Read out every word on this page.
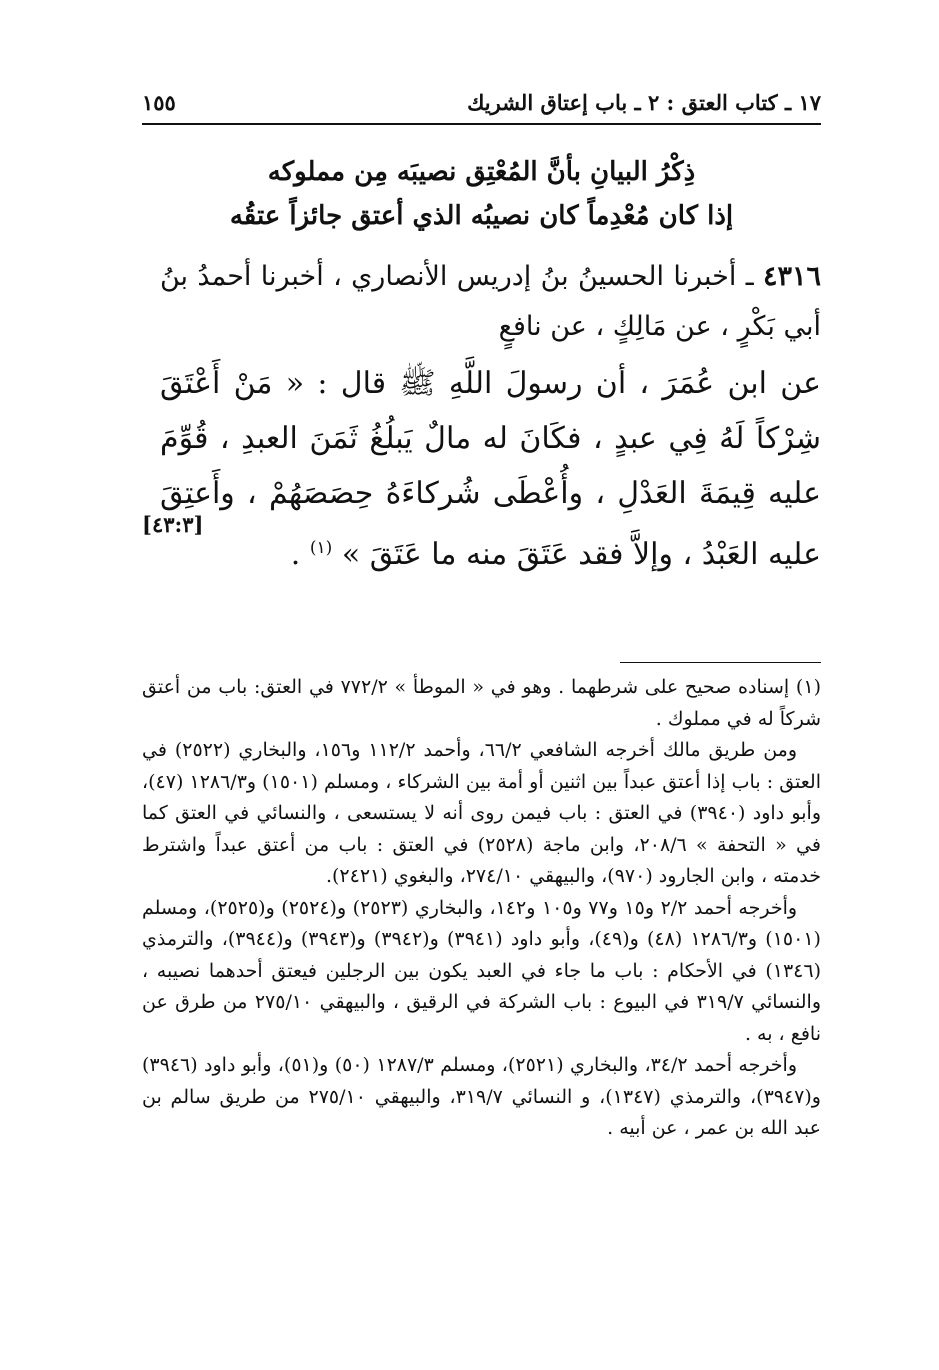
١٧ ـ كتاب العتق : ٢ ـ باب إعتاق الشريك
١٥٥
ذِكْرُ البيانِ بأنَّ المُعْتِق نصيبَه مِن مملوكه
إذا كان مُعْدِماً كان نصيبُه الذي أعتق جائزاً عتقُه
٤٣١٦ ـ أخبرنا الحسينُ بنُ إدريس الأنصاري ، أخبرنا أحمدُ بنُ أبي بَكْرٍ ، عن مَالِكٍ ، عن نافعٍ
عن ابن عُمَرَ ، أن رسولَ اللَّهِ ﷺ قال : « مَنْ أَعْتَقَ شِرْكاً لَهُ فِي عبدٍ ، فكَانَ له مالٌ يَبلُغُ ثَمَنَ العبدِ ، قُوِّمَ عليه قِيمَةَ العَدْلِ ، وأُعْطَى شُركاءَهُ حِصَصَهُمْ ، وأَعتِقَ عليه العَبْدُ ، وإلاَّ فقد عَتَقَ منه ما عَتَقَ » $^{(١)}$ .
[٤٣:٣]

(١) إسناده صحيح على شرطهما . وهو في « الموطأ » ٧٧٢/٢ في العتق: باب من أعتق شركاً له في مملوك .

ومن طريق مالك أخرجه الشافعي ٦٦/٢، وأحمد ١١٢/٢ و١٥٦، والبخاري (٢٥٢٢) في العتق : باب إذا أعتق عبداً بين اثنين أو أمة بين الشركاء ، ومسلم (١٥٠١) و١٢٨٦/٣ (٤٧)، وأبو داود (٣٩٤٠) في العتق : باب فيمن روى أنه لا يستسعى ، والنسائي في العتق كما في « التحفة » ٢٠٨/٦، وابن ماجة (٢٥٢٨) في العتق : باب من أعتق عبداً واشترط خدمته ، وابن الجارود (٩٧٠)، والبيهقي ٢٧٤/١٠، والبغوي (٢٤٢١).

وأخرجه أحمد ٢/٢ و١٥ و٧٧ و١٠٥ و١٤٢، والبخاري (٢٥٢٣) و(٢٥٢٤) و(٢٥٢٥)، ومسلم (١٥٠١) و١٢٨٦/٣ (٤٨) و(٤٩)، وأبو داود (٣٩٤١) و(٣٩٤٢) و(٣٩٤٣) و(٣٩٤٤)، والترمذي (١٣٤٦) في الأحكام : باب ما جاء في العبد يكون بين الرجلين فيعتق أحدهما نصيبه ، والنسائي ٣١٩/٧ في البيوع : باب الشركة في الرقيق ، والبيهقي ٢٧٥/١٠ من طرق عن نافع ، به .

وأخرجه أحمد ٣٤/٢، والبخاري (٢٥٢١)، ومسلم ١٢٨٧/٣ (٥٠) و(٥١)، وأبو داود (٣٩٤٦) و(٣٩٤٧)، والترمذي (١٣٤٧)، و النسائي ٣١٩/٧، والبيهقي ٢٧٥/١٠ من طريق سالم بن عبد الله بن عمر ، عن أبيه .
